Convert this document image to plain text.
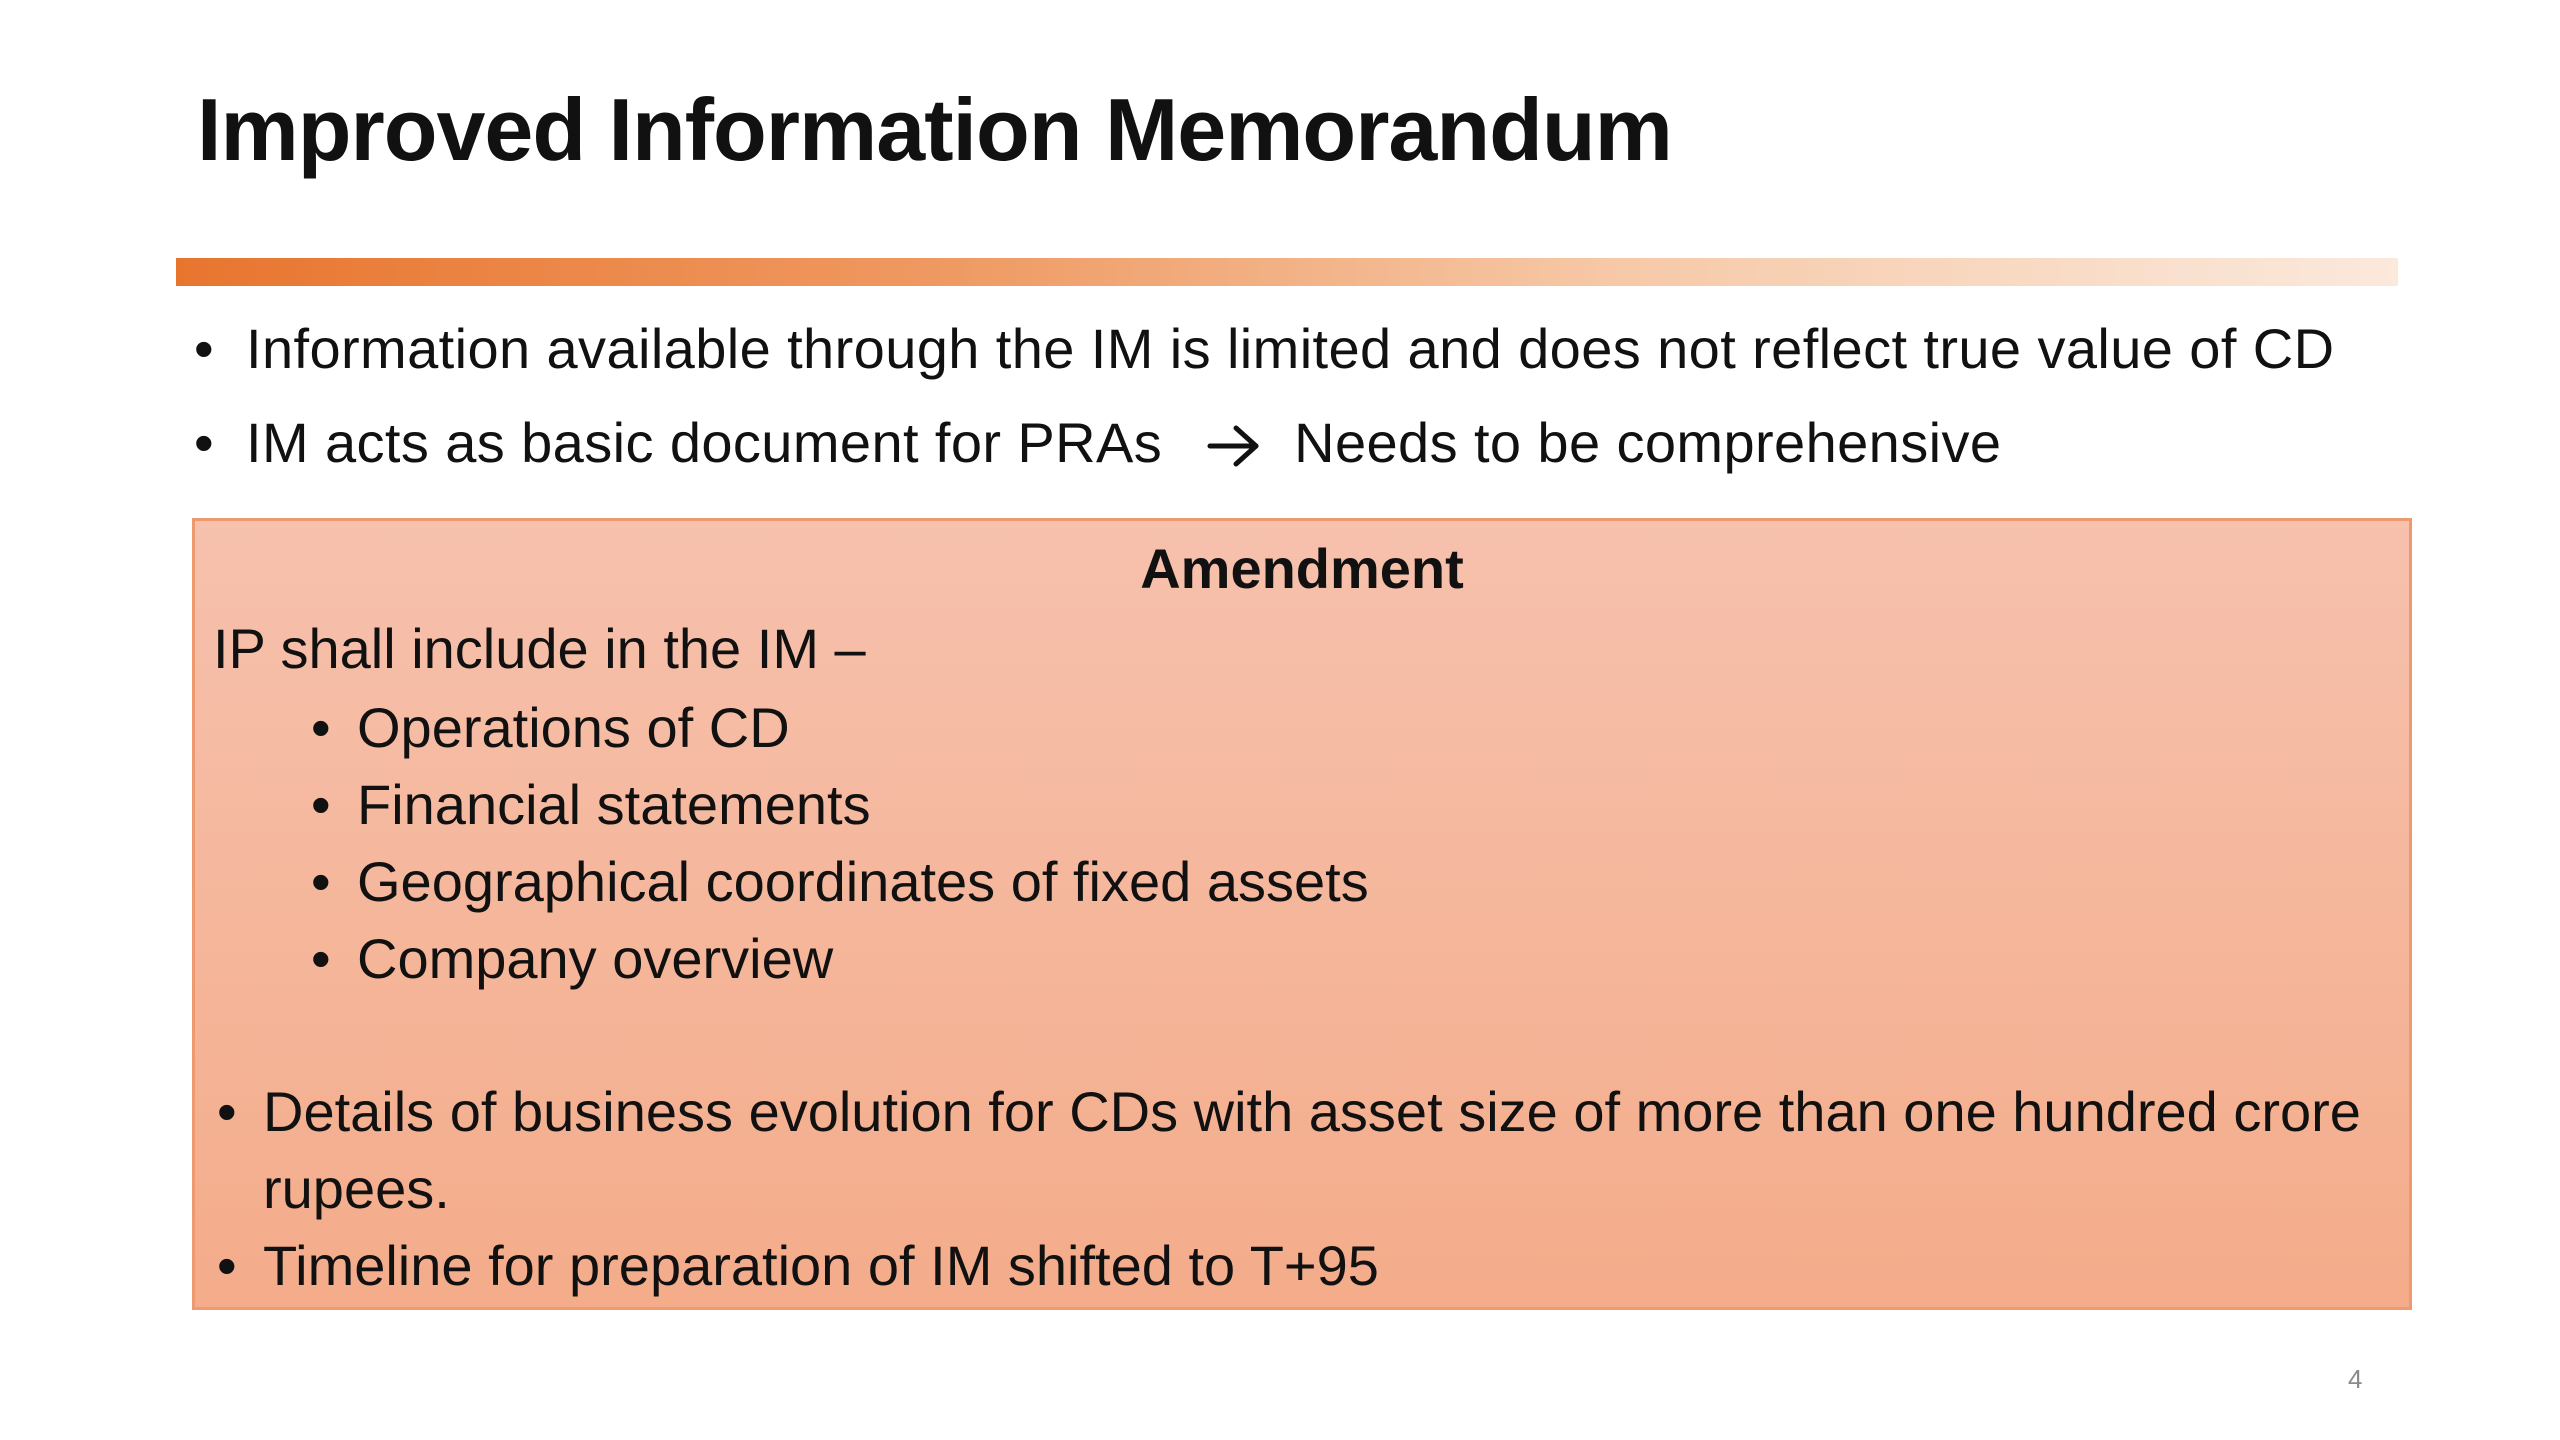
Improved Information Memorandum
• Information available through the IM is limited and does not reflect true value of CD
• IM acts as basic document for PRAs Needs to be comprehensive
Amendment
IP shall include in the IM –
• Operations of CD
• Financial statements
• Geographical coordinates of fixed assets
• Company overview
• Details of business evolution for CDs with asset size of more than one hundred crore rupees.
• Timeline for preparation of IM shifted to T+95
4
